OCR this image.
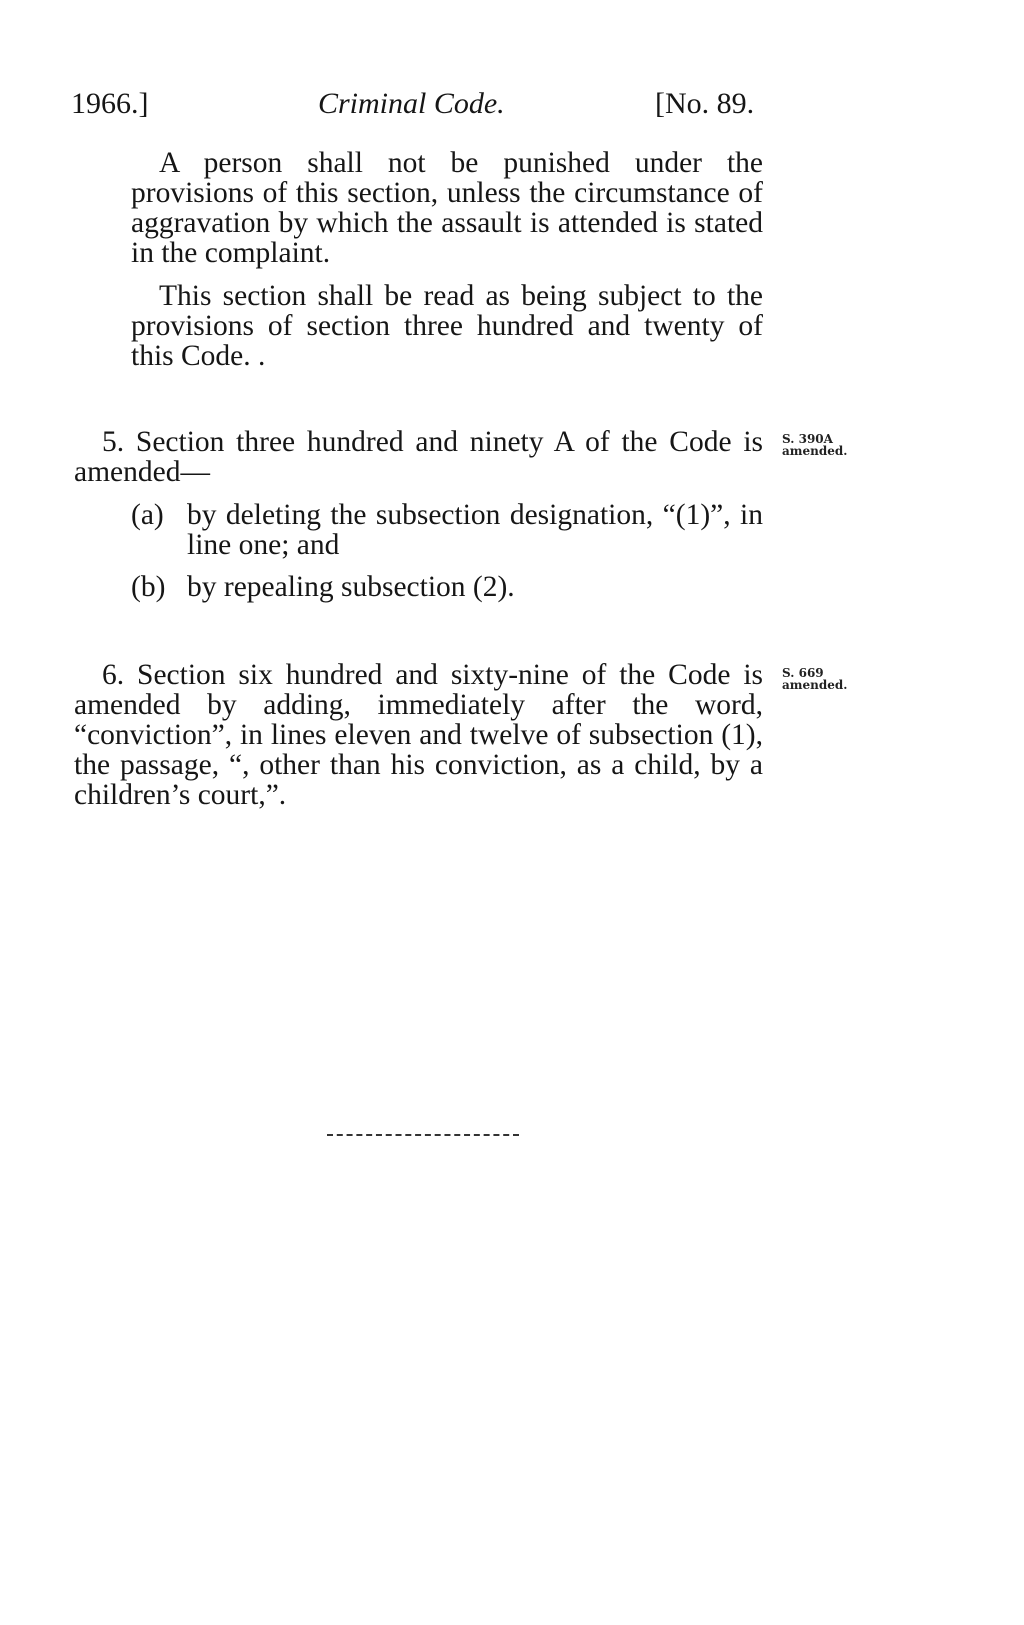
1966.]	Criminal Code.	[No. 89.

A person shall not be punished under the provisions of this section, unless the circumstance of aggravation by which the assault is attended is stated in the complaint.

This section shall be read as being subject to the provisions of section three hundred and twenty of this Code. .

5. Section three hundred and ninety A of the Code is amended—

S. 390A
amended.
(a) by deleting the subsection designation, “(1)”, in line one; and
(b) by repealing subsection (2).

6. Section six hundred and sixty-nine of the Code is amended by adding, immediately after the word, “conviction”, in lines eleven and twelve of subsection (1), the passage, “, other than his conviction, as a child, by a children’s court,”.

S. 669
amended.
